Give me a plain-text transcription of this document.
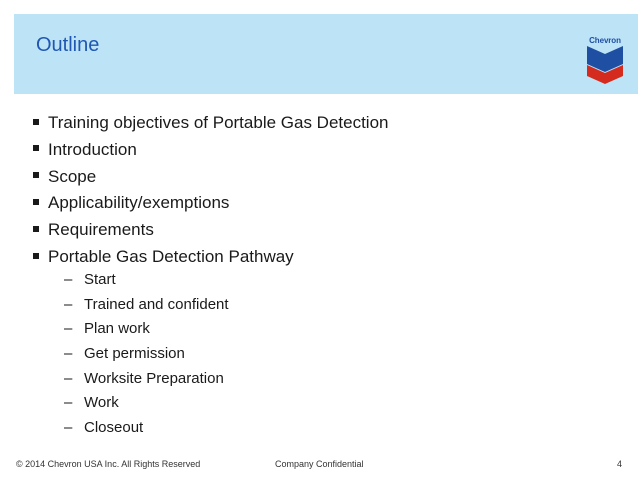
Outline	Chevron
Training objectives of Portable Gas Detection
Introduction
Scope
Applicability/exemptions
Requirements
Portable Gas Detection Pathway
– Start
– Trained and confident
– Plan work
– Get permission
– Worksite Preparation
– Work
– Closeout
© 2014 Chevron USA Inc. All Rights Reserved	Company Confidential	4
